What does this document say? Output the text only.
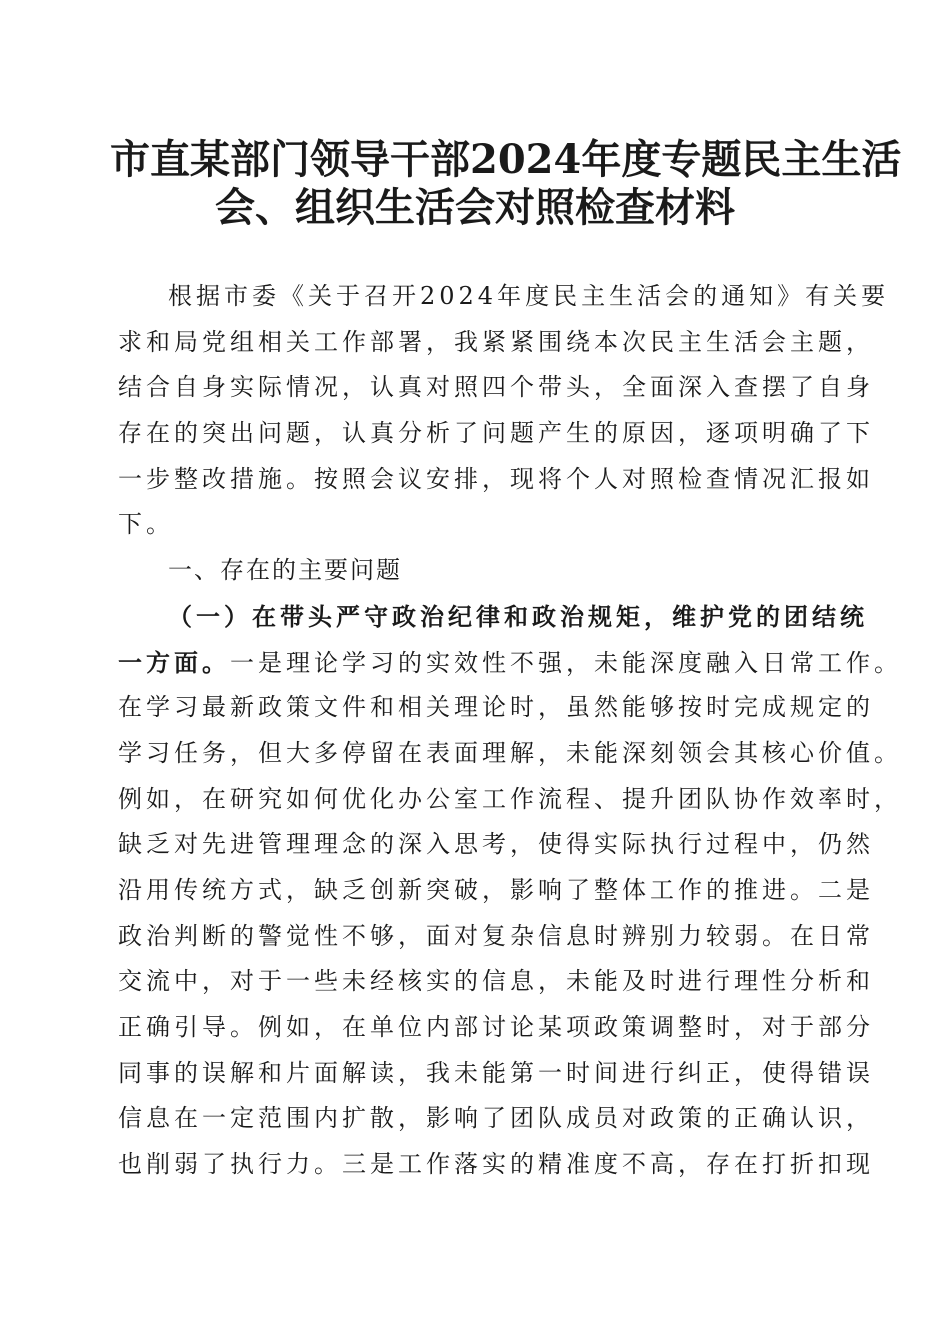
市直某部门领导干部2024年度专题民主生活
会、组织生活会对照检查材料
根据市委《关于召开2024年度民主生活会的通知》有关要
求和局党组相关工作部署，我紧紧围绕本次民主生活会主题，
结合自身实际情况，认真对照四个带头，全面深入查摆了自身
存在的突出问题，认真分析了问题产生的原因，逐项明确了下
一步整改措施。按照会议安排，现将个人对照检查情况汇报如
下。
一、存在的主要问题
（一）在带头严守政治纪律和政治规矩，维护党的团结统
一方面。一是理论学习的实效性不强，未能深度融入日常工作。
在学习最新政策文件和相关理论时，虽然能够按时完成规定的
学习任务，但大多停留在表面理解，未能深刻领会其核心价值。
例如，在研究如何优化办公室工作流程、提升团队协作效率时，
缺乏对先进管理理念的深入思考，使得实际执行过程中，仍然
沿用传统方式，缺乏创新突破，影响了整体工作的推进。二是
政治判断的警觉性不够，面对复杂信息时辨别力较弱。在日常
交流中，对于一些未经核实的信息，未能及时进行理性分析和
正确引导。例如，在单位内部讨论某项政策调整时，对于部分
同事的误解和片面解读，我未能第一时间进行纠正，使得错误
信息在一定范围内扩散，影响了团队成员对政策的正确认识，
也削弱了执行力。三是工作落实的精准度不高，存在打折扣现
